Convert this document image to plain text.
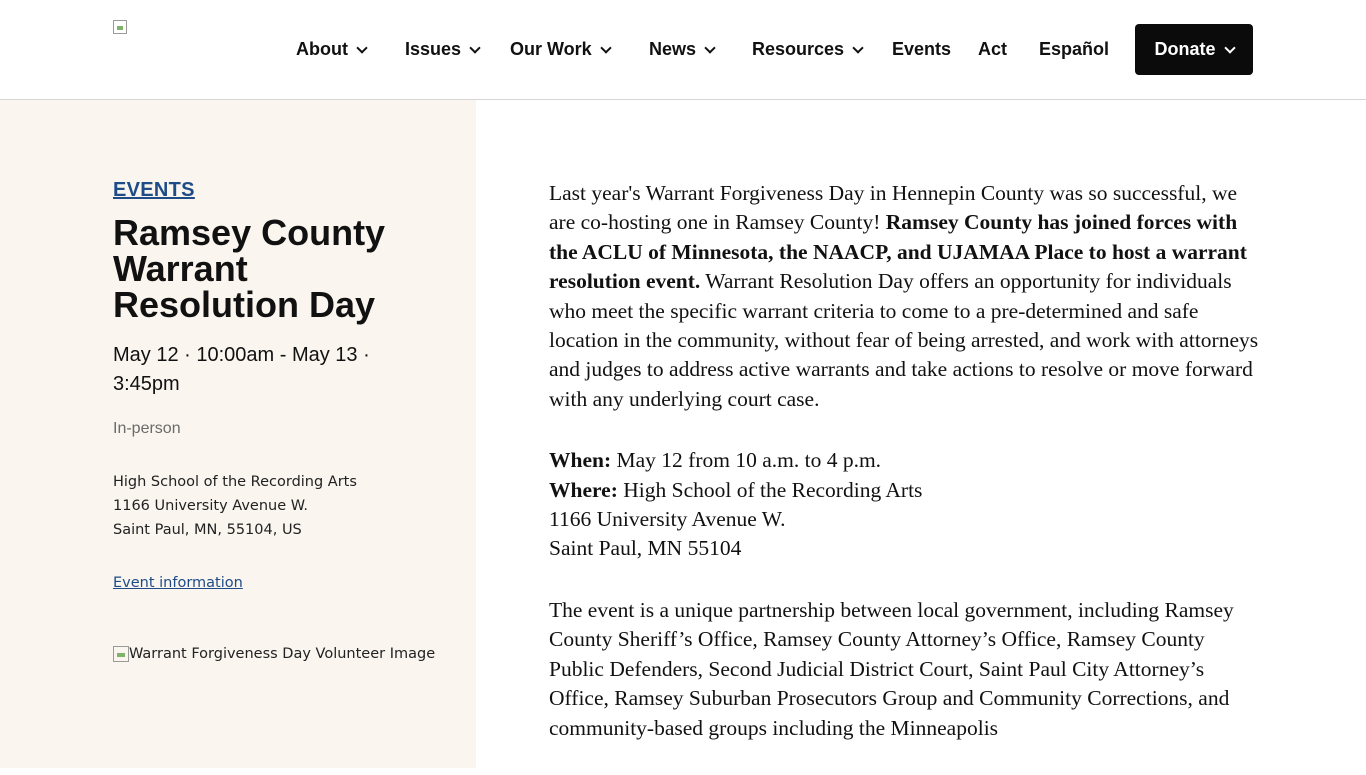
About	Issues	Our Work	News	Resources	Events Act Español	Donate
EVENTS
Ramsey County Warrant Resolution Day
May 12 · 10:00am - May 13 · 3:45pm
In-person
High School of the Recording Arts
1166 University Avenue W.
Saint Paul, MN, 55104, US
Event information
Warrant Forgiveness Day Volunteer Image

Last year's Warrant Forgiveness Day in Hennepin County was so successful, we are co-hosting one in Ramsey County! Ramsey County has joined forces with the ACLU of Minnesota, the NAACP, and UJAMAA Place to host a warrant resolution event. Warrant Resolution Day offers an opportunity for individuals who meet the specific warrant criteria to come to a pre-determined and safe location in the community, without fear of being arrested, and work with attorneys and judges to address active warrants and take actions to resolve or move forward with any underlying court case.

When: May 12 from 10 a.m. to 4 p.m.
Where: High School of the Recording Arts
1166 University Avenue W.
Saint Paul, MN 55104

The event is a unique partnership between local government, including Ramsey County Sheriff’s Office, Ramsey County Attorney’s Office, Ramsey County Public Defenders, Second Judicial District Court, Saint Paul City Attorney’s Office, Ramsey Suburban Prosecutors Group and Community Corrections, and community-based groups including the Minneapolis
